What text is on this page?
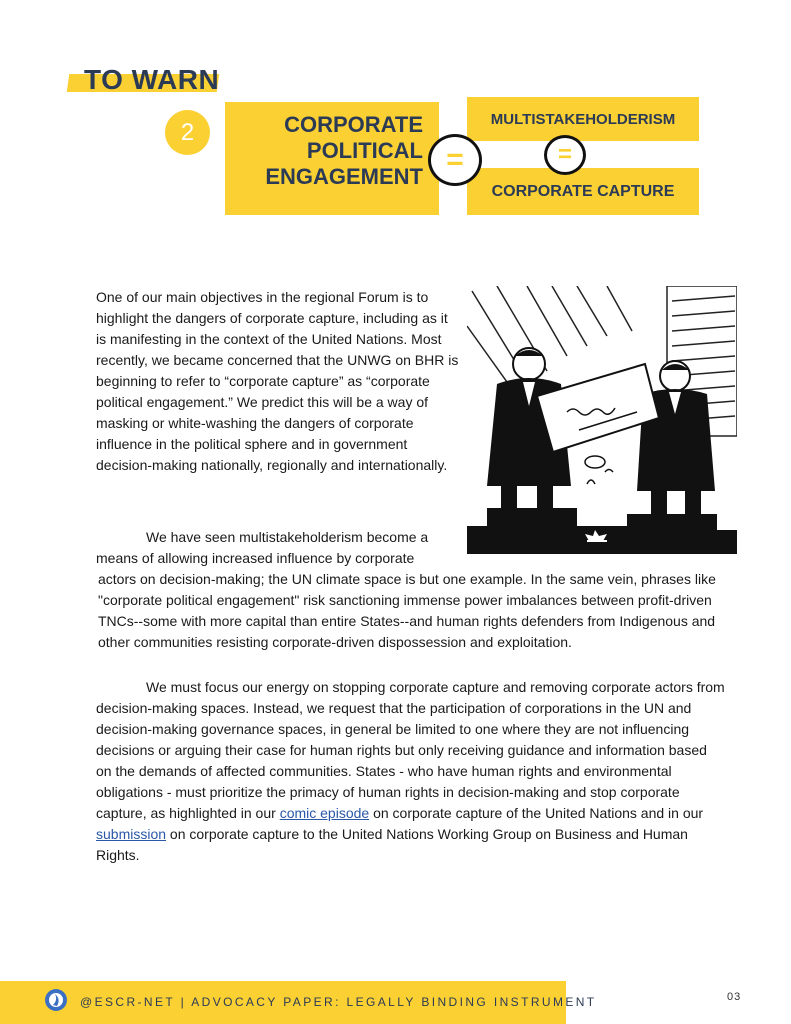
TO WARN
2	CORPORATE
POLITICAL
ENGAGEMENT
MULTISTAKEHOLDERISM
CORPORATE CAPTURE
=	=

One of our main objectives in the regional Forum is to highlight the dangers of corporate capture, including as it is manifesting in the context of the United Nations. Most recently, we became concerned that the UNWG on BHR is beginning to refer to “corporate capture” as “corporate political engagement.” We predict this will be a way of masking or white-washing the dangers of corporate influence in the political sphere and in government decision-making nationally, regionally and internationally.

We have seen multistakeholderism become a means of allowing increased influence by corporate

actors on decision-making; the UN climate space is but one example. In the same vein, phrases like "corporate political engagement" risk sanctioning immense power imbalances between profit-driven TNCs--some with more capital than entire States--and human rights defenders from Indigenous and other communities resisting corporate-driven dispossession and exploitation.

We must focus our energy on stopping corporate capture and removing corporate actors from decision-making spaces. Instead, we request that the participation of corporations in the UN and decision-making governance spaces, in general be limited to one where they are not influencing decisions or arguing their case for human rights but only receiving guidance and information based on the demands of affected communities. States - who have human rights and environmental obligations - must prioritize the primacy of human rights in decision-making and stop corporate capture, as highlighted in our comic episode on corporate capture of the United Nations and in our submission on corporate capture to the United Nations Working Group on Business and Human Rights.

@ESCR-NET | ADVOCACY PAPER: LEGALLY BINDING INSTRUMENT	03
